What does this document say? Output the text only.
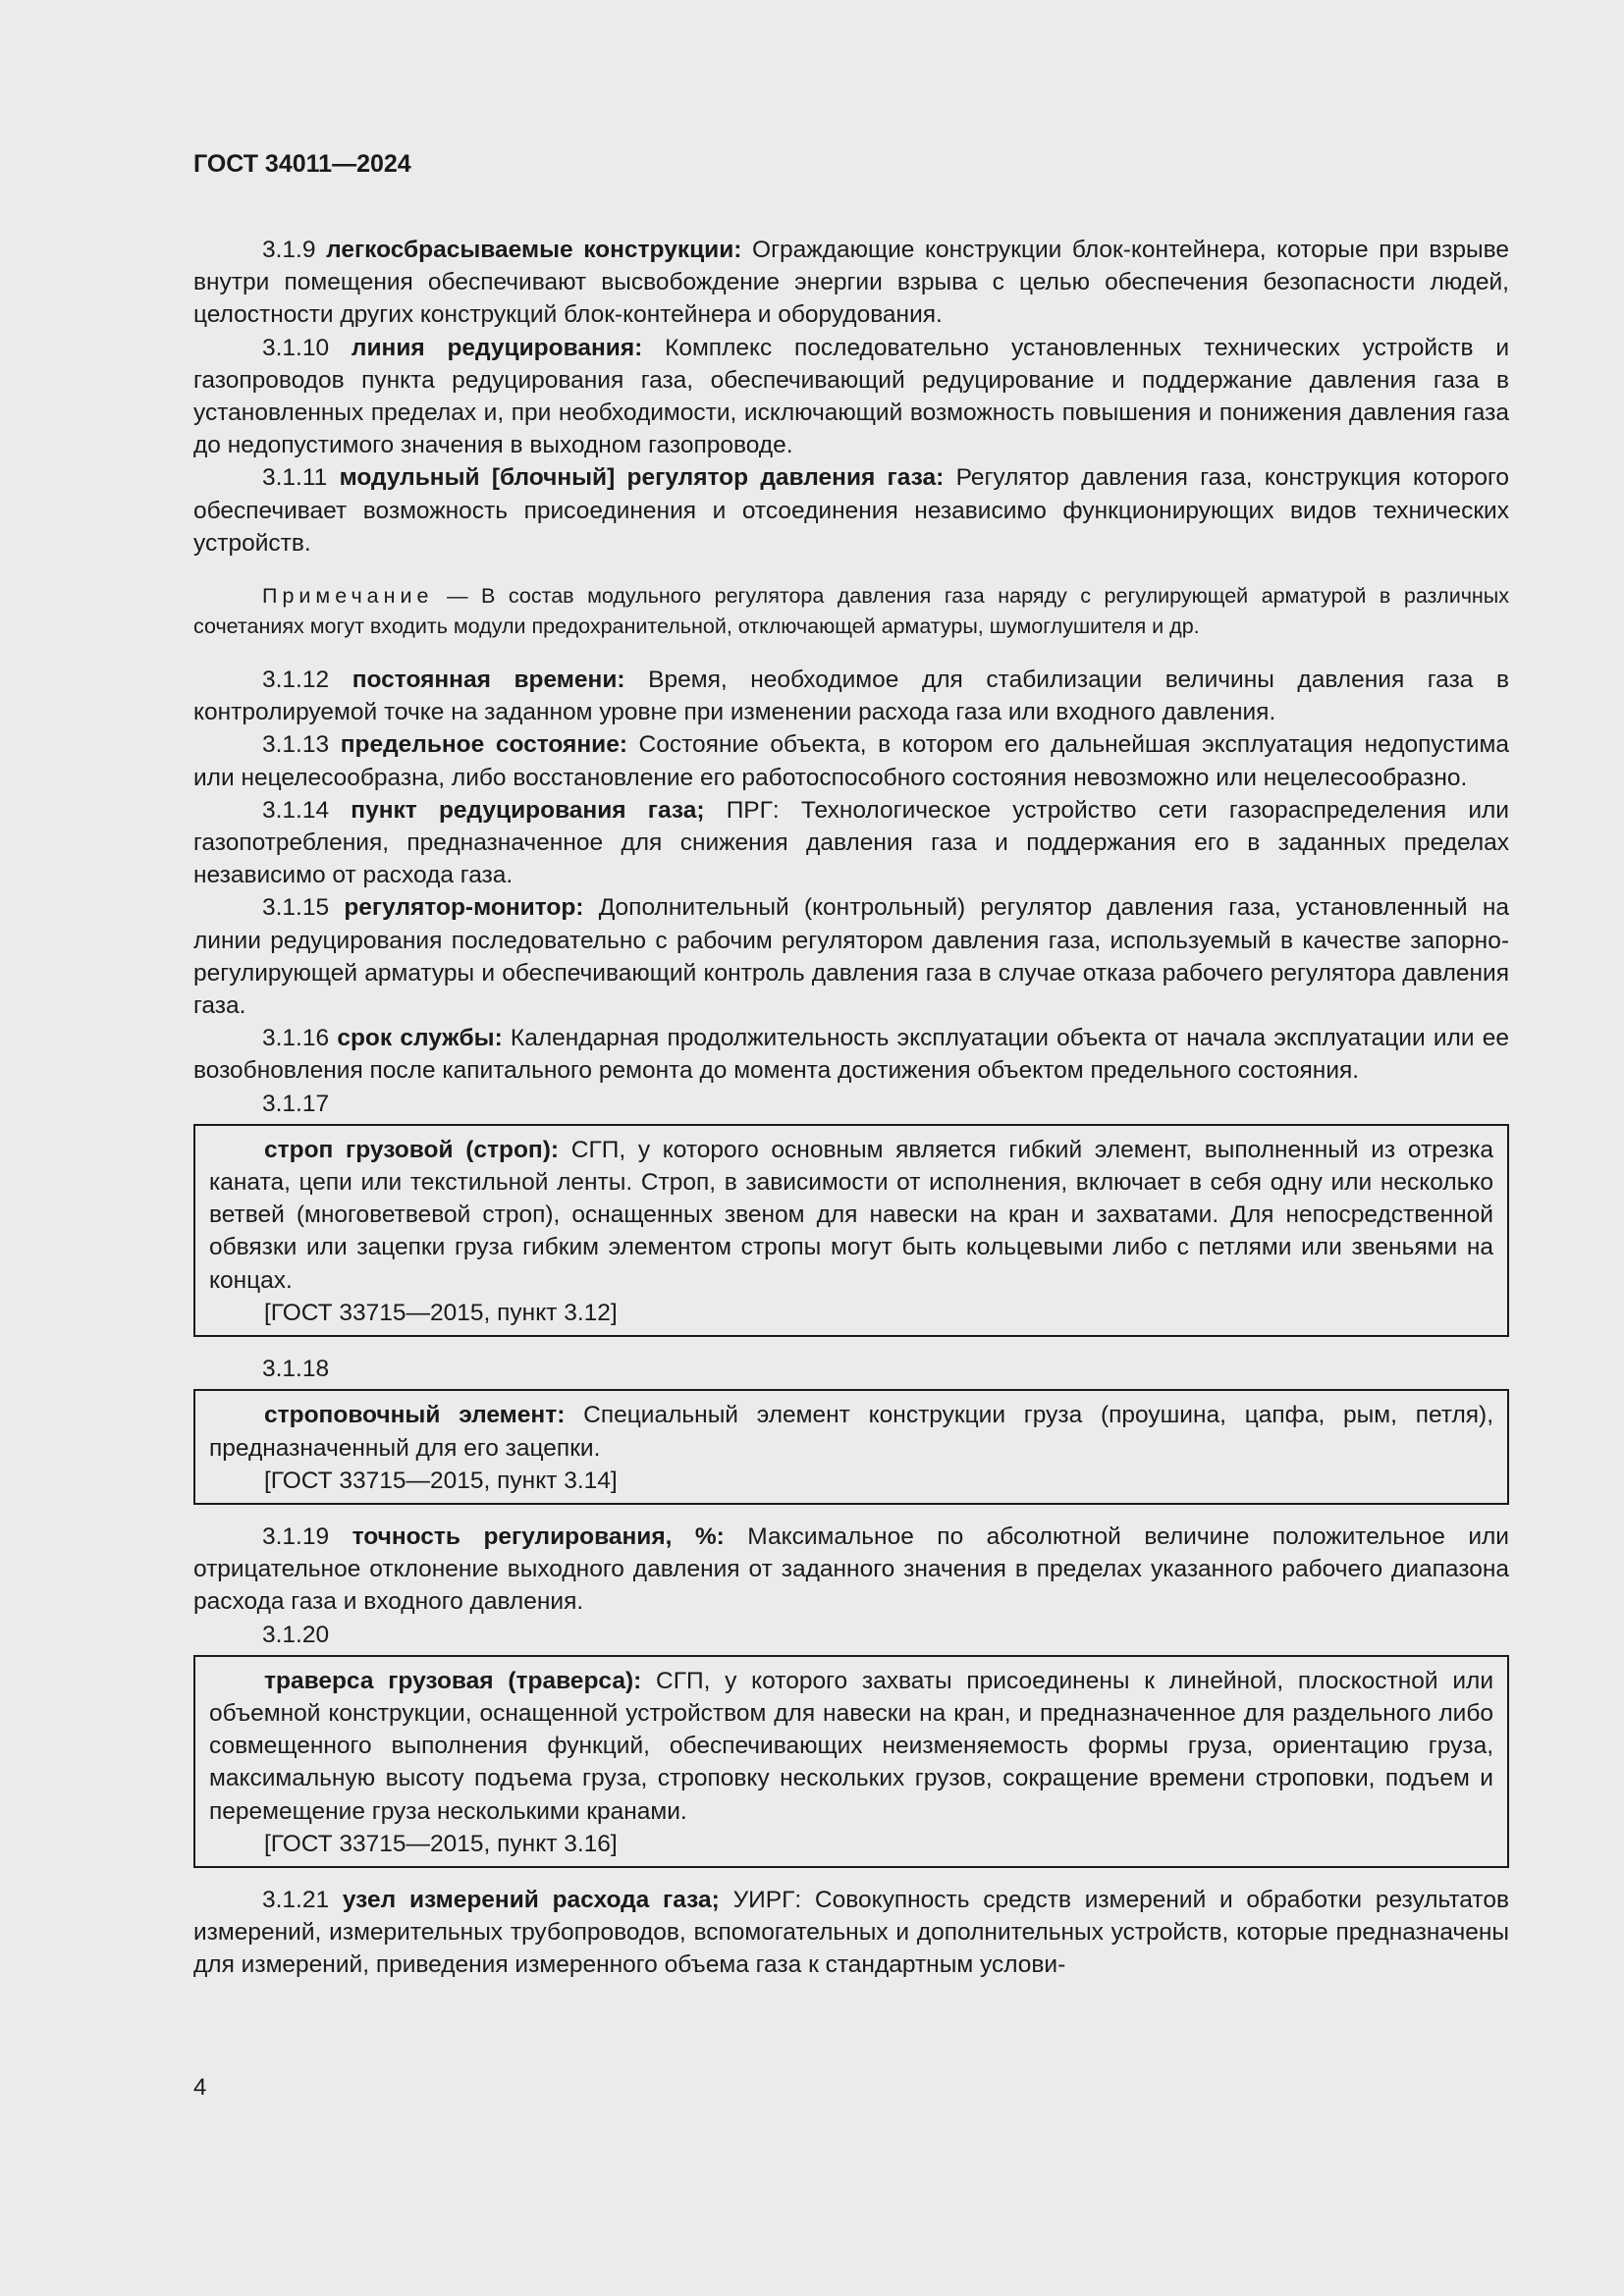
ГОСТ 34011—2024

3.1.9 легкосбрасываемые конструкции: Ограждающие конструкции блок-контейнера, которые при взрыве внутри помещения обеспечивают высвобождение энергии взрыва с целью обеспечения безопасности людей, целостности других конструкций блок-контейнера и оборудования.

3.1.10 линия редуцирования: Комплекс последовательно установленных технических устройств и газопроводов пункта редуцирования газа, обеспечивающий редуцирование и поддержание давления газа в установленных пределах и, при необходимости, исключающий возможность повышения и понижения давления газа до недопустимого значения в выходном газопроводе.

3.1.11 модульный [блочный] регулятор давления газа: Регулятор давления газа, конструкция которого обеспечивает возможность присоединения и отсоединения независимо функционирующих видов технических устройств.

Примечание — В состав модульного регулятора давления газа наряду с регулирующей арматурой в различных сочетаниях могут входить модули предохранительной, отключающей арматуры, шумоглушителя и др.

3.1.12 постоянная времени: Время, необходимое для стабилизации величины давления газа в контролируемой точке на заданном уровне при изменении расхода газа или входного давления.

3.1.13 предельное состояние: Состояние объекта, в котором его дальнейшая эксплуатация недопустима или нецелесообразна, либо восстановление его работоспособного состояния невозможно или нецелесообразно.

3.1.14 пункт редуцирования газа; ПРГ: Технологическое устройство сети газораспределения или газопотребления, предназначенное для снижения давления газа и поддержания его в заданных пределах независимо от расхода газа.

3.1.15 регулятор-монитор: Дополнительный (контрольный) регулятор давления газа, установленный на линии редуцирования последовательно с рабочим регулятором давления газа, используемый в качестве запорно-регулирующей арматуры и обеспечивающий контроль давления газа в случае отказа рабочего регулятора давления газа.

3.1.16 срок службы: Календарная продолжительность эксплуатации объекта от начала эксплуатации или ее возобновления после капитального ремонта до момента достижения объектом предельного состояния.

3.1.17

строп грузовой (строп): СГП, у которого основным является гибкий элемент, выполненный из отрезка каната, цепи или текстильной ленты. Строп, в зависимости от исполнения, включает в себя одну или несколько ветвей (многоветвевой строп), оснащенных звеном для навески на кран и захватами. Для непосредственной обвязки или зацепки груза гибким элементом стропы могут быть кольцевыми либо с петлями или звеньями на концах.

[ГОСТ 33715—2015, пункт 3.12]

3.1.18

строповочный элемент: Специальный элемент конструкции груза (проушина, цапфа, рым, петля), предназначенный для его зацепки.

[ГОСТ 33715—2015, пункт 3.14]

3.1.19 точность регулирования, %: Максимальное по абсолютной величине положительное или отрицательное отклонение выходного давления от заданного значения в пределах указанного рабочего диапазона расхода газа и входного давления.

3.1.20

траверса грузовая (траверса): СГП, у которого захваты присоединены к линейной, плоскостной или объемной конструкции, оснащенной устройством для навески на кран, и предназначенное для раздельного либо совмещенного выполнения функций, обеспечивающих неизменяемость формы груза, ориентацию груза, максимальную высоту подъема груза, строповку нескольких грузов, сокращение времени строповки, подъем и перемещение груза несколькими кранами.

[ГОСТ 33715—2015, пункт 3.16]

3.1.21 узел измерений расхода газа; УИРГ: Совокупность средств измерений и обработки результатов измерений, измерительных трубопроводов, вспомогательных и дополнительных устройств, которые предназначены для измерений, приведения измеренного объема газа к стандартным услови-

4
